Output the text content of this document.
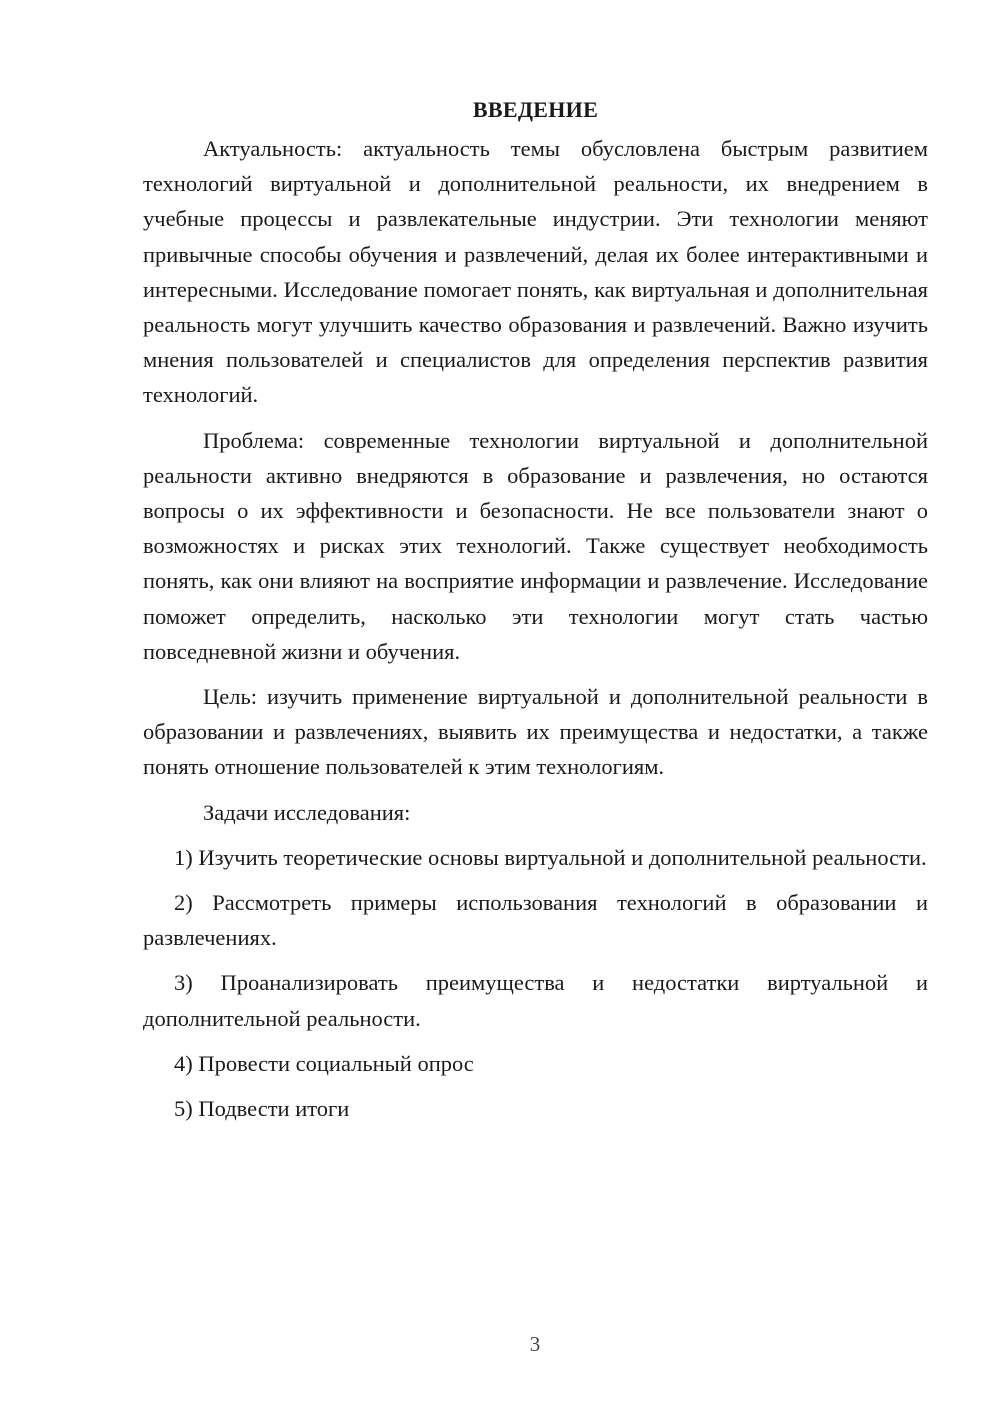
ВВЕДЕНИЕ

Актуальность: актуальность темы обусловлена быстрым развитием технологий виртуальной и дополнительной реальности, их внедрением в учебные процессы и развлекательные индустрии. Эти технологии меняют привычные способы обучения и развлечений, делая их более интерактивными и интересными. Исследование помогает понять, как виртуальная и дополнительная реальность могут улучшить качество образования и развлечений. Важно изучить мнения пользователей и специалистов для определения перспектив развития технологий.

Проблема: современные технологии виртуальной и дополнительной реальности активно внедряются в образование и развлечения, но остаются вопросы о их эффективности и безопасности. Не все пользователи знают о возможностях и рисках этих технологий. Также существует необходимость понять, как они влияют на восприятие информации и развлечение. Исследование поможет определить, насколько эти технологии могут стать частью повседневной жизни и обучения.

Цель: изучить применение виртуальной и дополнительной реальности в образовании и развлечениях, выявить их преимущества и недостатки, а также понять отношение пользователей к этим технологиям.

Задачи исследования:

1) Изучить теоретические основы виртуальной и дополнительной реальности.

2) Рассмотреть примеры использования технологий в образовании и развлечениях.

3) Проанализировать преимущества и недостатки виртуальной и дополнительной реальности.

4) Провести социальный опрос

5) Подвести итоги

3
